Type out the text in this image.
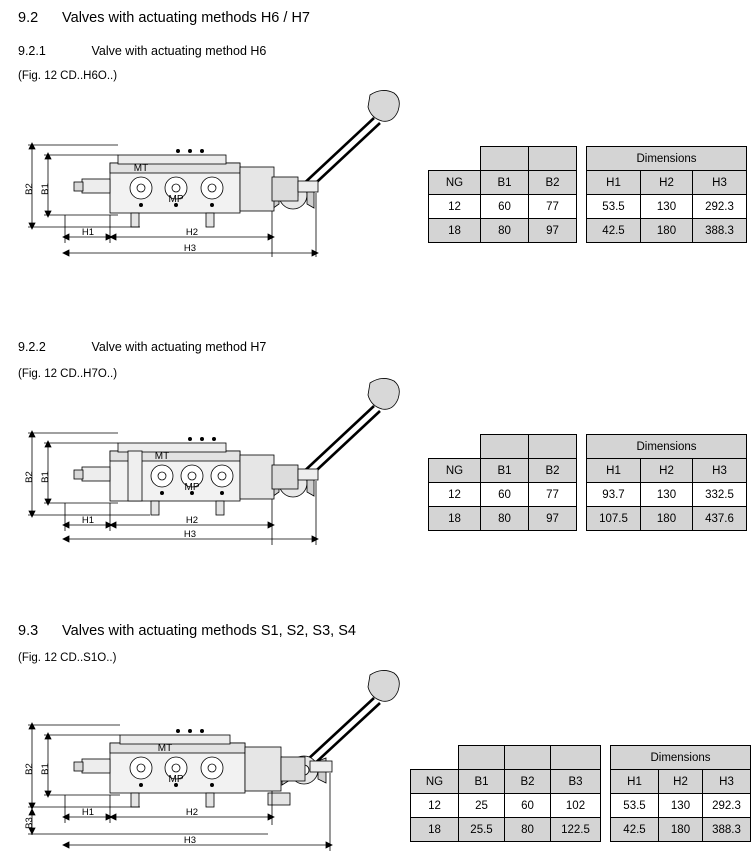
9.2 Valves with actuating methods H6 / H7
9.2.1	Valve with actuating method H6
(Fig. 12 CD..H6O..)
B2 B1
H1	H2
H3
MT
MP
				Dimensions		
NG	B1	B2		H1	H2	H3
12	60	77		53.5	130	292.3
18	80	97		42.5	180	388.3
9.2.2	Valve with actuating method H7
(Fig. 12 CD..H7O..)
B2 B1
H1	H2
H3
MT
MP
				Dimensions		
NG	B1	B2		H1	H2	H3
12	60	77		93.7	130	332.5
18	80	97		107.5	180	437.6
9.3 Valves with actuating methods S1, S2, S3, S4
(Fig. 12 CD..S1O..)
B2 B1
B3
H1	H2
H3
MT
MP
					Dimensions		
NG	B1	B2	B3		H1	H2	H3
12	25	60	102		53.5	130	292.3
18	25.5	80	122.5		42.5	180	388.3
